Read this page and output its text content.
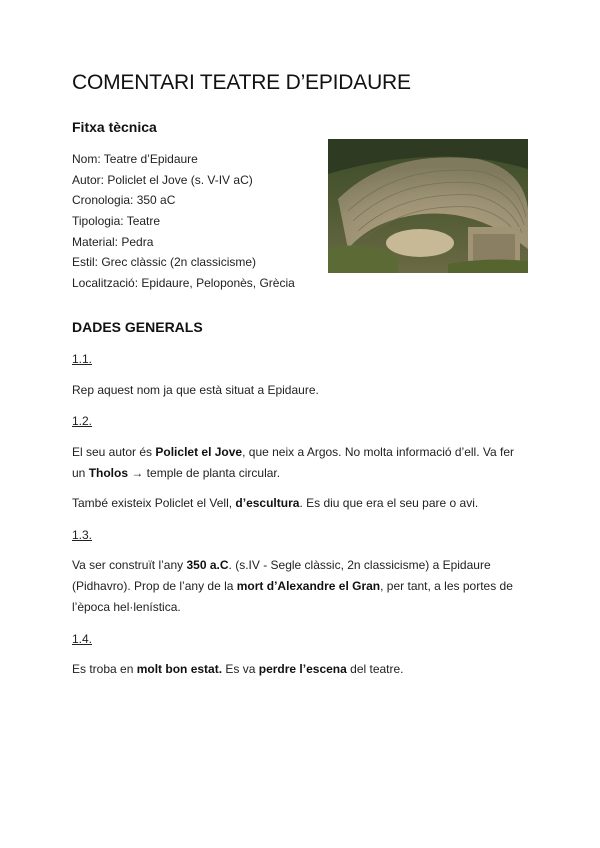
COMENTARI TEATRE D’EPIDAURE
Fitxa tècnica
Nom: Teatre d’Epidaure
Autor: Policlet el Jove (s. V-IV aC)
Cronologia: 350 aC
Tipologia: Teatre
Material: Pedra
Estil: Grec clàssic (2n classicisme)
Localització: Epidaure, Peloponès, Grècia
DADES GENERALS
1.1.

Rep aquest nom ja que està situat a Epidaure.

1.2.

El seu autor és Policlet el Jove, que neix a Argos. No molta informació d’ell. Va fer un Tholos → temple de planta circular.

També existeix Policlet el Vell, d’escultura. Es diu que era el seu pare o avi.

1.3.

Va ser construït l’any 350 a.C. (s.IV - Segle clàssic, 2n classicisme) a Epidaure (Pidhavro). Prop de l’any de la mort d’Alexandre el Gran, per tant, a les portes de l’època hel·lenística.

1.4.

Es troba en molt bon estat. Es va perdre l’escena del teatre.
